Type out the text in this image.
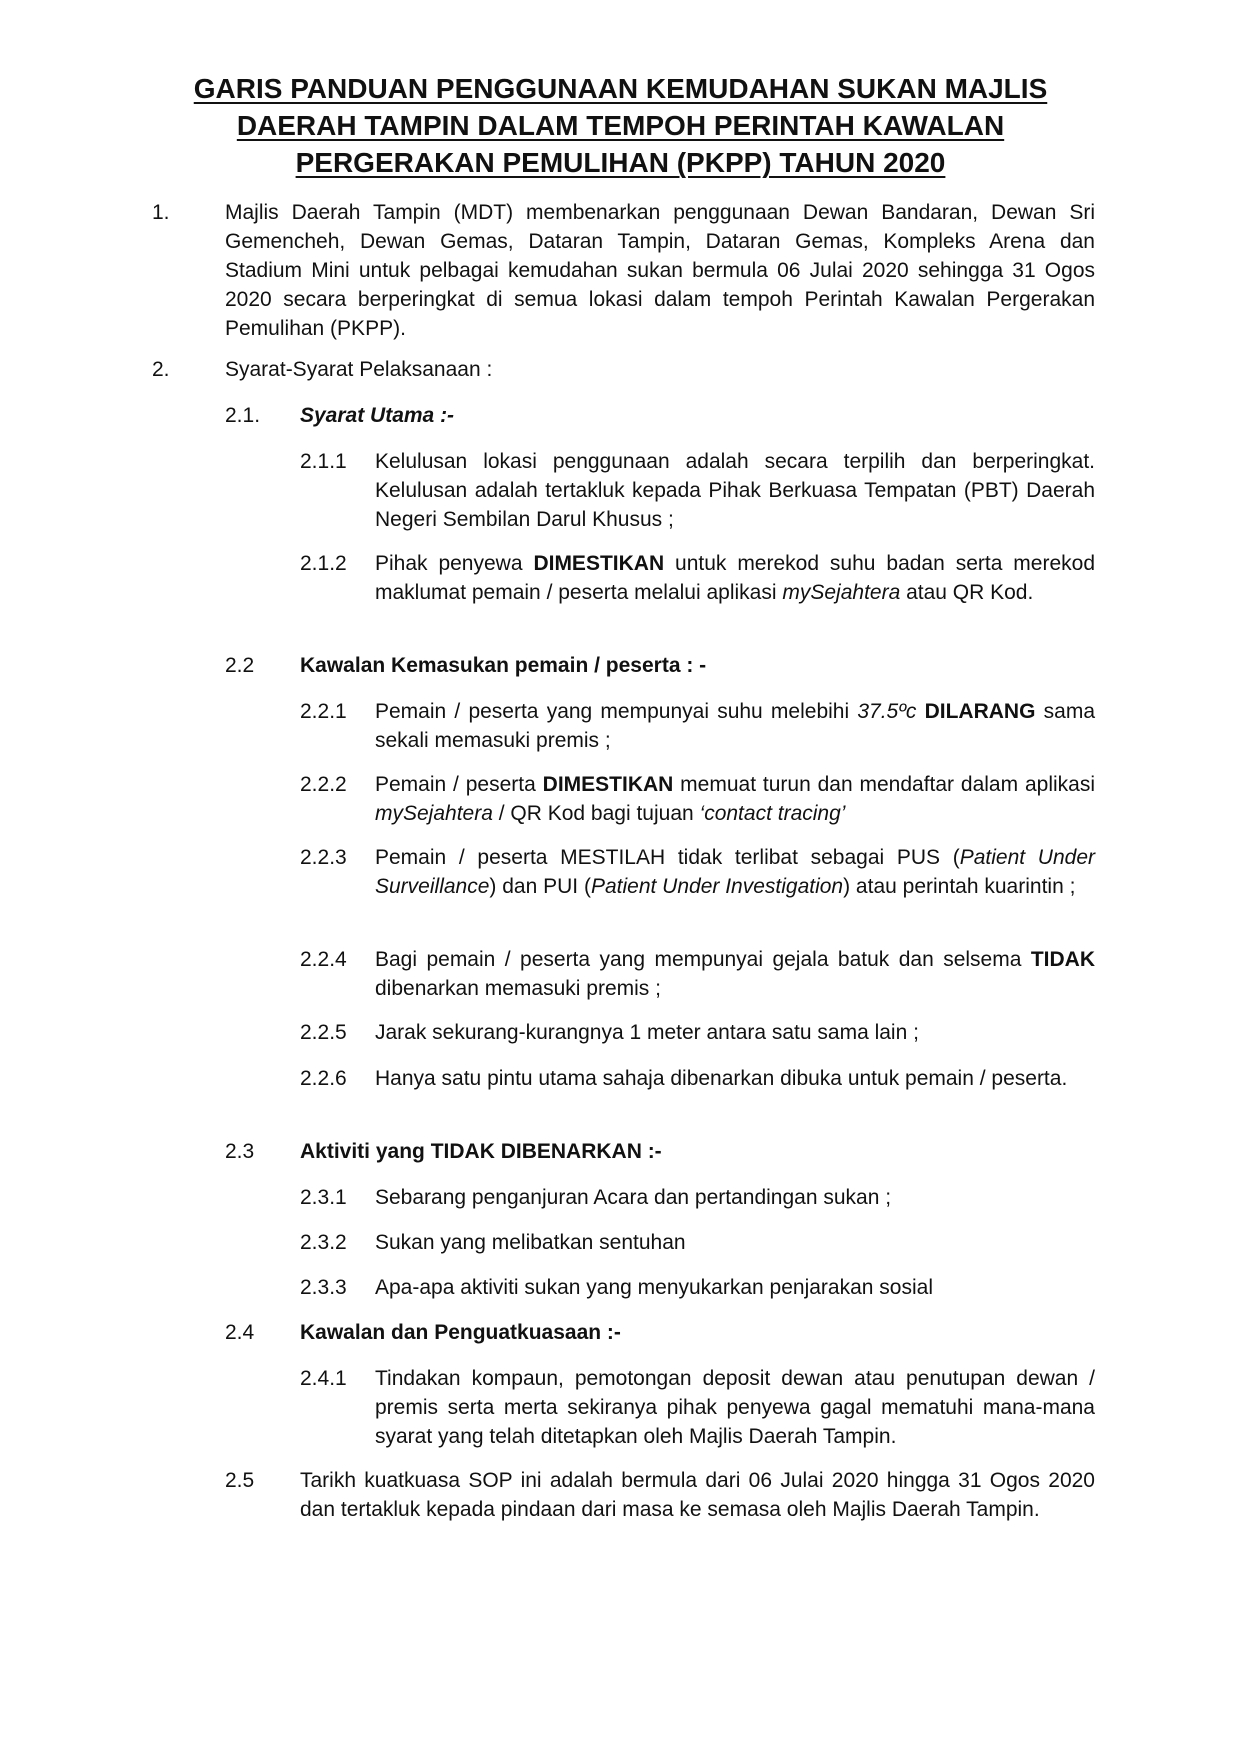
GARIS PANDUAN PENGGUNAAN KEMUDAHAN SUKAN MAJLIS
DAERAH TAMPIN DALAM TEMPOH PERINTAH KAWALAN
PERGERAKAN PEMULIHAN (PKPP) TAHUN 2020
1.	Majlis Daerah Tampin (MDT) membenarkan penggunaan Dewan Bandaran, Dewan Sri Gemencheh, Dewan Gemas, Dataran Tampin, Dataran Gemas, Kompleks Arena dan Stadium Mini untuk pelbagai kemudahan sukan bermula 06 Julai 2020 sehingga 31 Ogos 2020 secara berperingkat di semua lokasi dalam tempoh Perintah Kawalan Pergerakan Pemulihan (PKPP).
2.	Syarat-Syarat Pelaksanaan :
2.1. Syarat Utama :-
2.1.1 Kelulusan lokasi penggunaan adalah secara terpilih dan berperingkat. Kelulusan adalah tertakluk kepada Pihak Berkuasa Tempatan (PBT) Daerah Negeri Sembilan Darul Khusus ;
2.1.2 Pihak penyewa DIMESTIKAN untuk merekod suhu badan serta merekod maklumat pemain / peserta melalui aplikasi mySejahtera atau QR Kod.
2.2 Kawalan Kemasukan pemain / peserta : -
2.2.1 Pemain / peserta yang mempunyai suhu melebihi 37.5ºc DILARANG sama sekali memasuki premis ;
2.2.2 Pemain / peserta DIMESTIKAN memuat turun dan mendaftar dalam aplikasi mySejahtera / QR Kod bagi tujuan ‘contact tracing’
2.2.3 Pemain / peserta MESTILAH tidak terlibat sebagai PUS (Patient Under Surveillance) dan PUI (Patient Under Investigation) atau perintah kuarintin ;
2.2.4 Bagi pemain / peserta yang mempunyai gejala batuk dan selsema TIDAK dibenarkan memasuki premis ;
2.2.5 Jarak sekurang-kurangnya 1 meter antara satu sama lain ;
2.2.6 Hanya satu pintu utama sahaja dibenarkan dibuka untuk pemain / peserta.
2.3 Aktiviti yang TIDAK DIBENARKAN :-
2.3.1 Sebarang penganjuran Acara dan pertandingan sukan ;
2.3.2 Sukan yang melibatkan sentuhan
2.3.3 Apa-apa aktiviti sukan yang menyukarkan penjarakan sosial
2.4 Kawalan dan Penguatkuasaan :-
2.4.1 Tindakan kompaun, pemotongan deposit dewan atau penutupan dewan / premis serta merta sekiranya pihak penyewa gagal mematuhi mana-mana syarat yang telah ditetapkan oleh Majlis Daerah Tampin.
2.5 Tarikh kuatkuasa SOP ini adalah bermula dari 06 Julai 2020 hingga 31 Ogos 2020 dan tertakluk kepada pindaan dari masa ke semasa oleh Majlis Daerah Tampin.
